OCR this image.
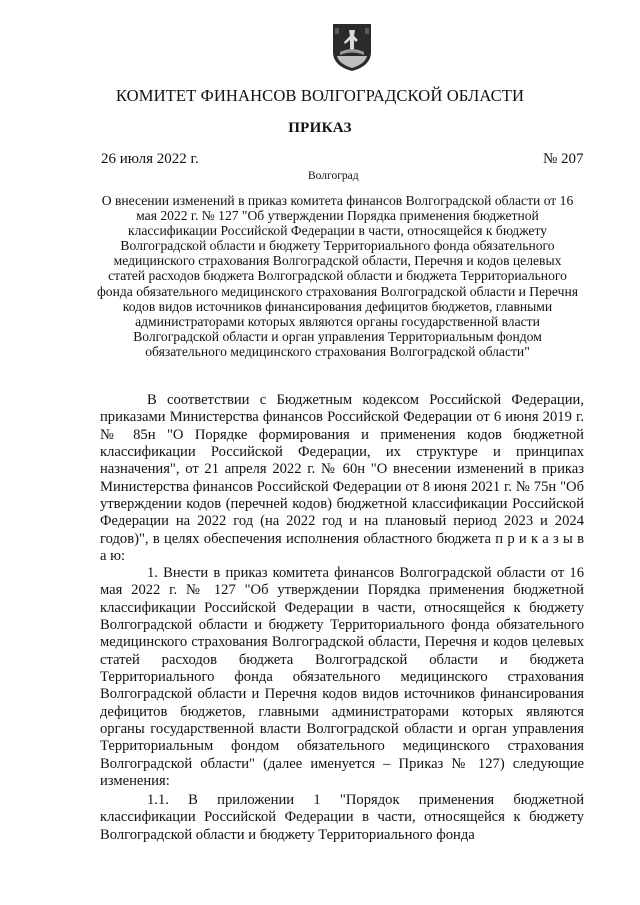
КОМИТЕТ ФИНАНСОВ ВОЛГОГРАДСКОЙ ОБЛАСТИ
ПРИКАЗ
26 июля 2022 г.	№ 207
Волгоград
О внесении изменений в приказ комитета финансов Волгоградской области от 16 мая 2022 г. № 127 "Об утверждении Порядка применения бюджетной классификации Российской Федерации в части, относящейся к бюджету Волгоградской области и бюджету Территориального фонда обязательного медицинского страхования Волгоградской области, Перечня и кодов целевых статей расходов бюджета Волгоградской области и бюджета Территориального фонда обязательного медицинского страхования Волгоградской области и Перечня кодов видов источников финансирования дефицитов бюджетов, главными администраторами которых являются органы государственной власти Волгоградской области и орган управления Территориальным фондом обязательного медицинского страхования Волгоградской области"
В соответствии с Бюджетным кодексом Российской Федерации, приказами Министерства финансов Российской Федерации от 6 июня 2019 г. № 85н "О Порядке формирования и применения кодов бюджетной классификации Российской Федерации, их структуре и принципах назначения", от 21 апреля 2022 г. № 60н "О внесении изменений в приказ Министерства финансов Российской Федерации от 8 июня 2021 г. № 75н "Об утверждении кодов (перечней кодов) бюджетной классификации Российской Федерации на 2022 год (на 2022 год и на плановый период 2023 и 2024 годов)", в целях обеспечения исполнения областного бюджета п р и к а з ы в а ю:
1. Внести в приказ комитета финансов Волгоградской области от 16 мая 2022 г. № 127 "Об утверждении Порядка применения бюджетной классификации Российской Федерации в части, относящейся к бюджету Волгоградской области и бюджету Территориального фонда обязательного медицинского страхования Волгоградской области, Перечня и кодов целевых статей расходов бюджета Волгоградской области и бюджета Территориального фонда обязательного медицинского страхования Волгоградской области и Перечня кодов видов источников финансирования дефицитов бюджетов, главными администраторами которых являются органы государственной власти Волгоградской области и орган управления Территориальным фондом обязательного медицинского страхования Волгоградской области" (далее именуется – Приказ № 127) следующие изменения:
1.1. В приложении 1 "Порядок применения бюджетной классификации Российской Федерации в части, относящейся к бюджету Волгоградской области и бюджету Территориального фонда
